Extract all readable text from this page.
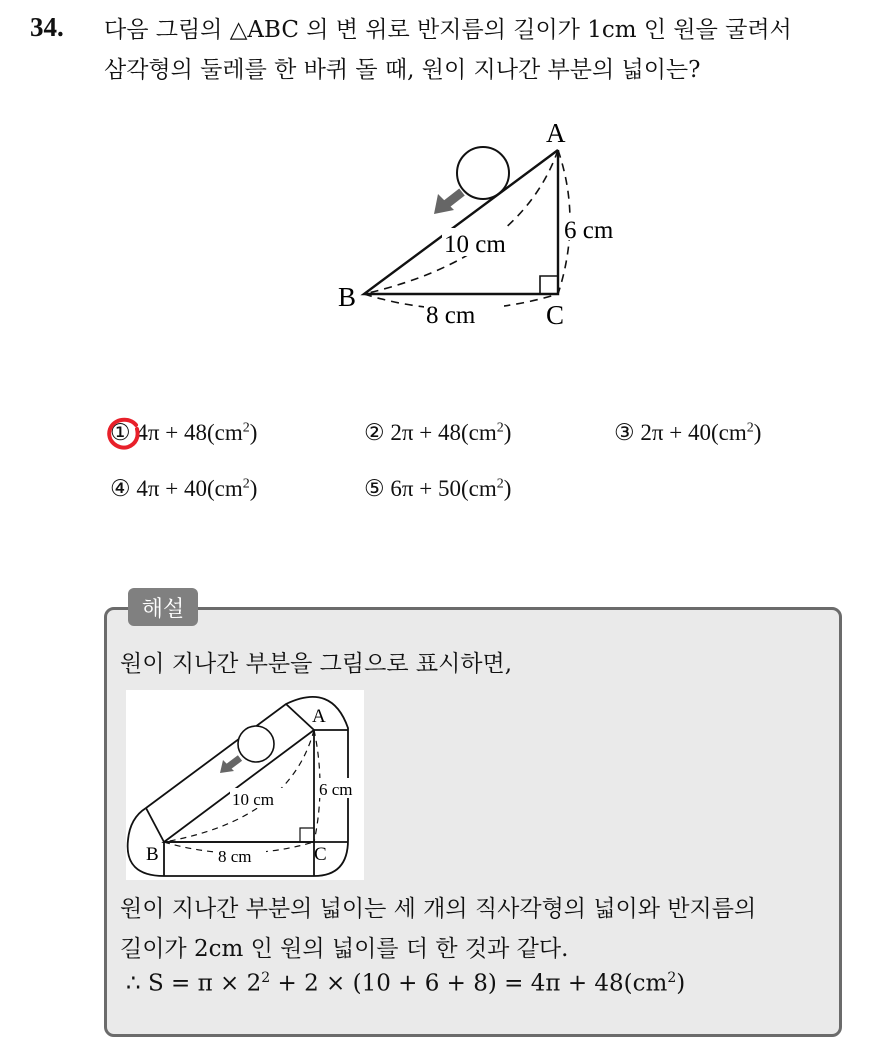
34. 다음 그림의 △ABC 의 변 위로 반지름의 길이가 1cm 인 원을 굴려서
삼각형의 둘레를 한 바퀴 돌 때, 원이 지나간 부분의 넓이는?
10 cm
6 cm
8 cm
A
B
C
① $4\pi + 48(cm^2)$	② $2\pi + 48(cm^2)$	③ $2\pi + 40(cm^2)$
④ $4\pi + 40(cm^2)$	⑤ $6\pi + 50(cm^2)$
해설
원이 지나간 부분을 그림으로 표시하면,
10 cm
6 cm
8 cm
A
B	C
원이 지나간 부분의 넓이는 세 개의 직사각형의 넓이와 반지름의
길이가 2cm 인 원의 넓이를 더 한 것과 같다.
∴ $S = \pi \times 2^2 + 2 \times (10 + 6 + 8) = 4\pi + 48(cm^2)$
